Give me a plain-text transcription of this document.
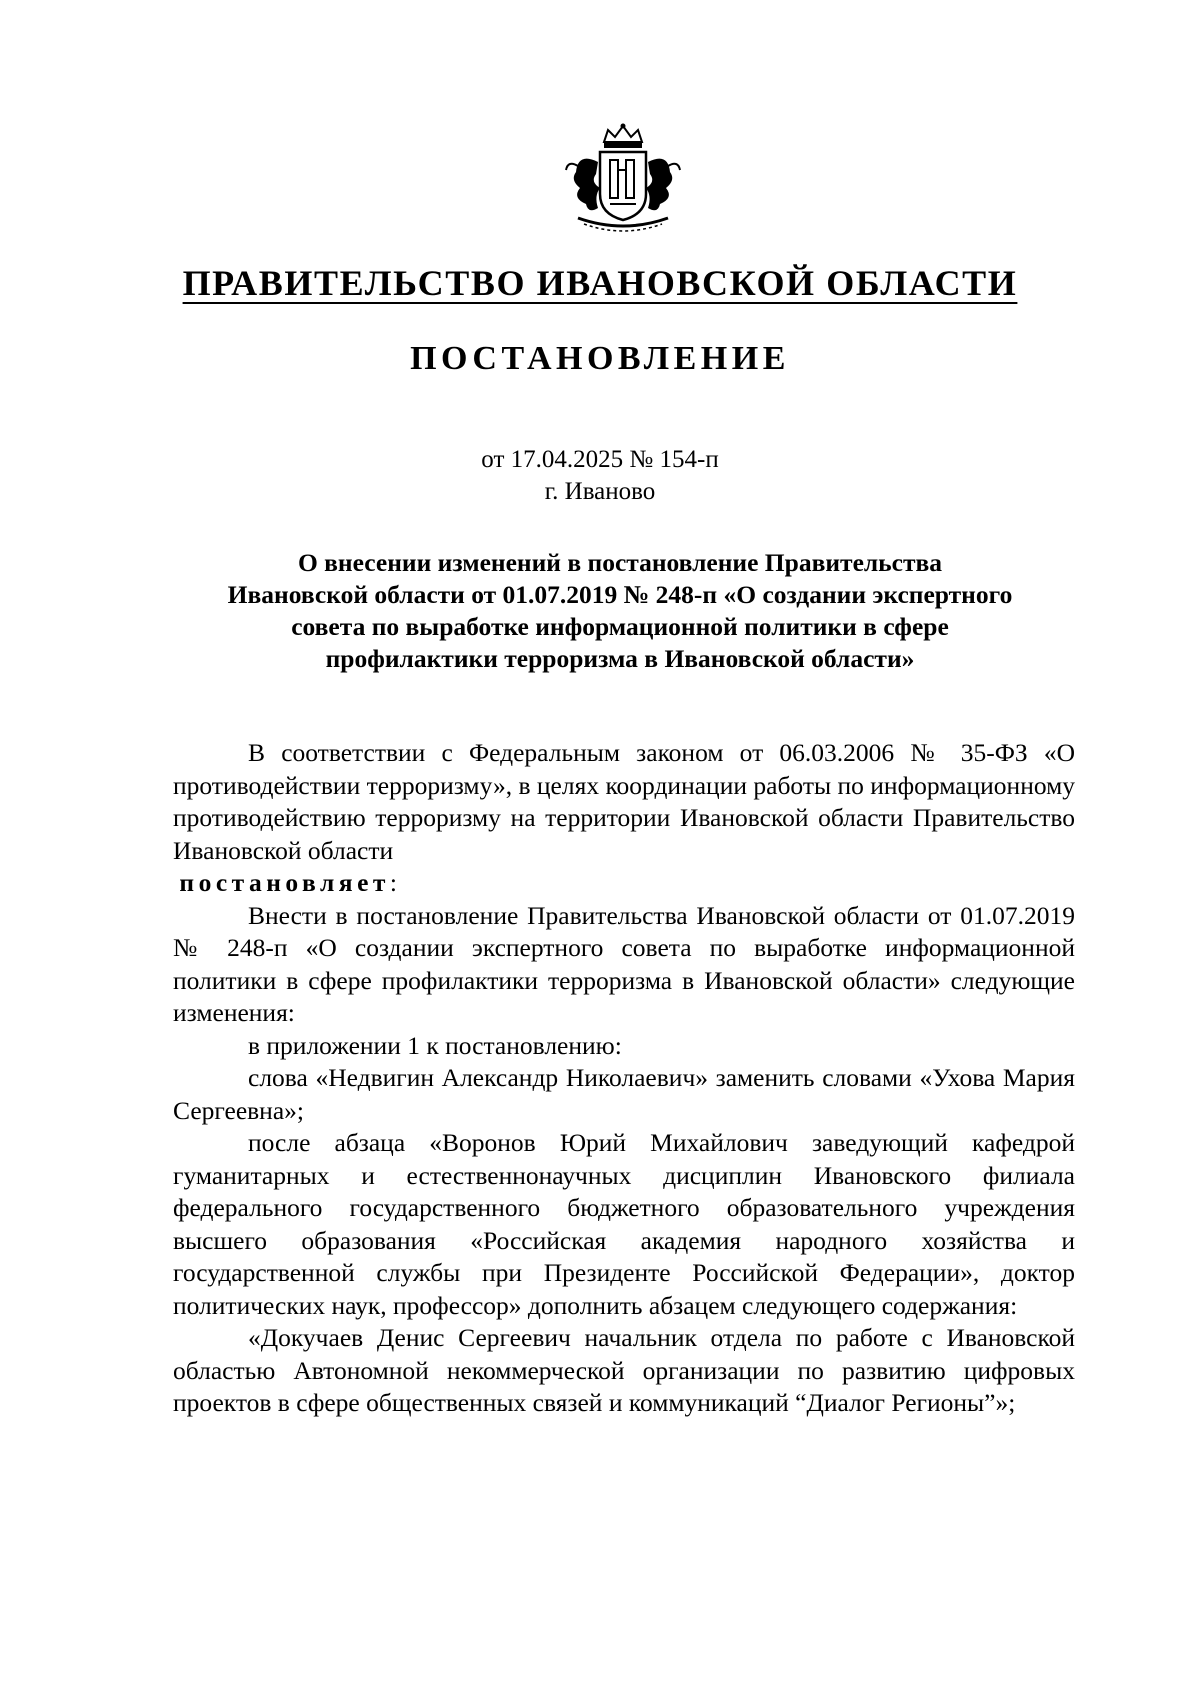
ПРАВИТЕЛЬСТВО ИВАНОВСКОЙ ОБЛАСТИ
ПОСТАНОВЛЕНИЕ
от 17.04.2025 № 154-п
г. Иваново

О внесении изменений в постановление Правительства
Ивановской области от 01.07.2019 № 248-п «О создании экспертного
совета по выработке информационной политики в сфере
профилактики терроризма в Ивановской области»

В соответствии с Федеральным законом от 06.03.2006 № 35-ФЗ «О противодействии терроризму», в целях координации работы по информационному противодействию терроризму на территории Ивановской области Правительство Ивановской области

постановляет:

Внести в постановление Правительства Ивановской области от 01.07.2019 № 248-п «О создании экспертного совета по выработке информационной политики в сфере профилактики терроризма в Ивановской области» следующие изменения:

в приложении 1 к постановлению:

слова «Недвигин Александр Николаевич» заменить словами «Ухова Мария Сергеевна»;

после абзаца «Воронов Юрий Михайлович заведующий кафедрой гуманитарных и естественнонаучных дисциплин Ивановского филиала федерального государственного бюджетного образовательного учреждения высшего образования «Российская академия народного хозяйства и государственной службы при Президенте Российской Федерации», доктор политических наук, профессор» дополнить абзацем следующего содержания:

«Докучаев Денис Сергеевич начальник отдела по работе с Ивановской областью Автономной некоммерческой организации по развитию цифровых проектов в сфере общественных связей и коммуникаций “Диалог Регионы”»;
